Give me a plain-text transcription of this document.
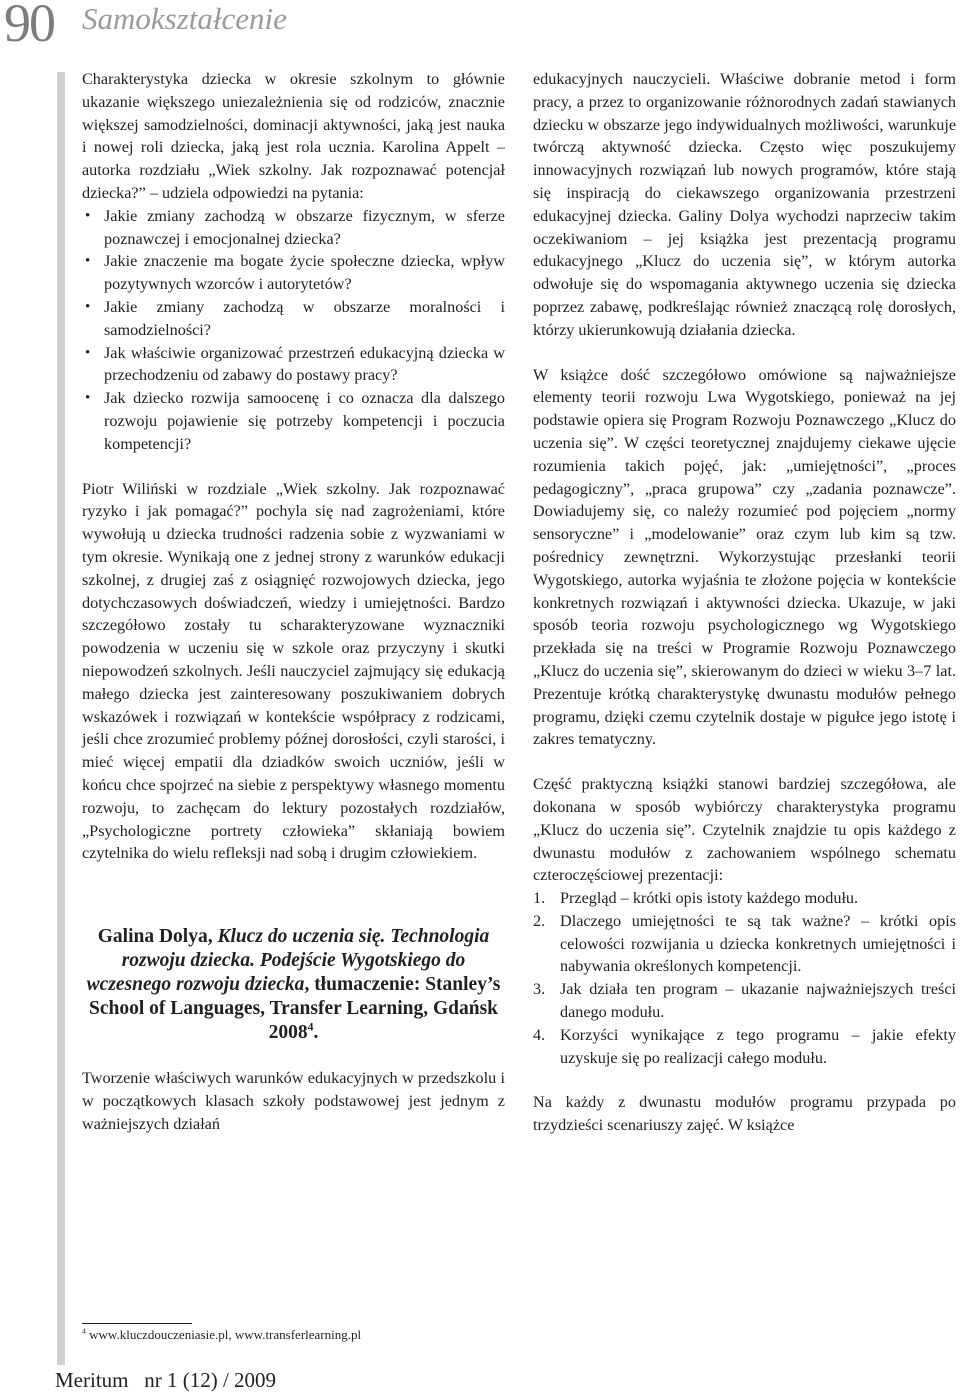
90 Samokształcenie

Charakterystyka dziecka w okresie szkolnym to głównie ukazanie większego uniezależnienia się od rodziców, znacznie większej samodzielności, dominacji aktywności, jaką jest nauka i nowej roli dziecka, jaką jest rola ucznia. Karolina Appelt – autorka rozdziału „Wiek szkolny. Jak rozpoznawać potencjał dziecka?” – udziela odpowiedzi na pytania:

• Jakie zmiany zachodzą w obszarze fizycznym, w sferze poznawczej i emocjonalnej dziecka?
• Jakie znaczenie ma bogate życie społeczne dziecka, wpływ pozytywnych wzorców i autorytetów?
• Jakie zmiany zachodzą w obszarze moralności i samodzielności?
• Jak właściwie organizować przestrzeń edukacyjną dziecka w przechodzeniu od zabawy do postawy pracy?
• Jak dziecko rozwija samoocenę i co oznacza dla dalszego rozwoju pojawienie się potrzeby kompetencji i poczucia kompetencji?

Piotr Wiliński w rozdziale „Wiek szkolny. Jak rozpoznawać ryzyko i jak pomagać?” pochyla się nad zagrożeniami, które wywołują u dziecka trudności radzenia sobie z wyzwaniami w tym okresie. Wynikają one z jednej strony z warunków edukacji szkolnej, z drugiej zaś z osiągnięć rozwojowych dziecka, jego dotychczasowych doświadczeń, wiedzy i umiejętności. Bardzo szczegółowo zostały tu scharakteryzowane wyznaczniki powodzenia w uczeniu się w szkole oraz przyczyny i skutki niepowodzeń szkolnych. Jeśli nauczyciel zajmujący się edukacją małego dziecka jest zainteresowany poszukiwaniem dobrych wskazówek i rozwiązań w kontekście współpracy z rodzicami, jeśli chce zrozumieć problemy późnej dorosłości, czyli starości, i mieć więcej empatii dla dziadków swoich uczniów, jeśli w końcu chce spojrzeć na siebie z perspektywy własnego momentu rozwoju, to zachęcam do lektury pozostałych rozdziałów, „Psychologiczne portrety człowieka” skłaniają bowiem czytelnika do wielu refleksji nad sobą i drugim człowiekiem.

Galina Dolya, Klucz do uczenia się. Technologia rozwoju dziecka. Podejście Wygotskiego do wczesnego rozwoju dziecka, tłumaczenie: Stanley’s School of Languages, Transfer Learning, Gdańsk 2008$^4$.

Tworzenie właściwych warunków edukacyjnych w przedszkolu i w początkowych klasach szkoły podstawowej jest jednym z ważniejszych działań

edukacyjnych nauczycieli. Właściwe dobranie metod i form pracy, a przez to organizowanie różnorodnych zadań stawianych dziecku w obszarze jego indywidualnych możliwości, warunkuje twórczą aktywność dziecka. Często więc poszukujemy innowacyjnych rozwiązań lub nowych programów, które stają się inspiracją do ciekawszego organizowania przestrzeni edukacyjnej dziecka. Galiny Dolya wychodzi naprzeciw takim oczekiwaniom – jej książka jest prezentacją programu edukacyjnego „Klucz do uczenia się”, w którym autorka odwołuje się do wspomagania aktywnego uczenia się dziecka poprzez zabawę, podkreślając również znaczącą rolę dorosłych, którzy ukierunkowują działania dziecka.

W książce dość szczegółowo omówione są najważniejsze elementy teorii rozwoju Lwa Wygotskiego, ponieważ na jej podstawie opiera się Program Rozwoju Poznawczego „Klucz do uczenia się”. W części teoretycznej znajdujemy ciekawe ujęcie rozumienia takich pojęć, jak: „umiejętności”, „proces pedagogiczny”, „praca grupowa” czy „zadania poznawcze”. Dowiadujemy się, co należy rozumieć pod pojęciem „normy sensoryczne” i „modelowanie” oraz czym lub kim są tzw. pośrednicy zewnętrzni. Wykorzystując przesłanki teorii Wygotskiego, autorka wyjaśnia te złożone pojęcia w kontekście konkretnych rozwiązań i aktywności dziecka. Ukazuje, w jaki sposób teoria rozwoju psychologicznego wg Wygotskiego przekłada się na treści w Programie Rozwoju Poznawczego „Klucz do uczenia się”, skierowanym do dzieci w wieku 3–7 lat. Prezentuje krótką charakterystykę dwunastu modułów pełnego programu, dzięki czemu czytelnik dostaje w pigułce jego istotę i zakres tematyczny.

Część praktyczną książki stanowi bardziej szczegółowa, ale dokonana w sposób wybiórczy charakterystyka programu „Klucz do uczenia się”. Czytelnik znajdzie tu opis każdego z dwunastu modułów z zachowaniem wspólnego schematu czteroczęściowej prezentacji:

1. Przegląd – krótki opis istoty każdego modułu.
2. Dlaczego umiejętności te są tak ważne? – krótki opis celowości rozwijania u dziecka konkretnych umiejętności i nabywania określonych kompetencji.
3. Jak działa ten program – ukazanie najważniejszych treści danego modułu.
4. Korzyści wynikające z tego programu – jakie efekty uzyskuje się po realizacji całego modułu.

Na każdy z dwunastu modułów programu przypada po trzydzieści scenariuszy zajęć. W książce

$^4$ www.kluczdouczeniasie.pl, www.transferlearning.pl
Meritum   nr 1 (12) / 2009
